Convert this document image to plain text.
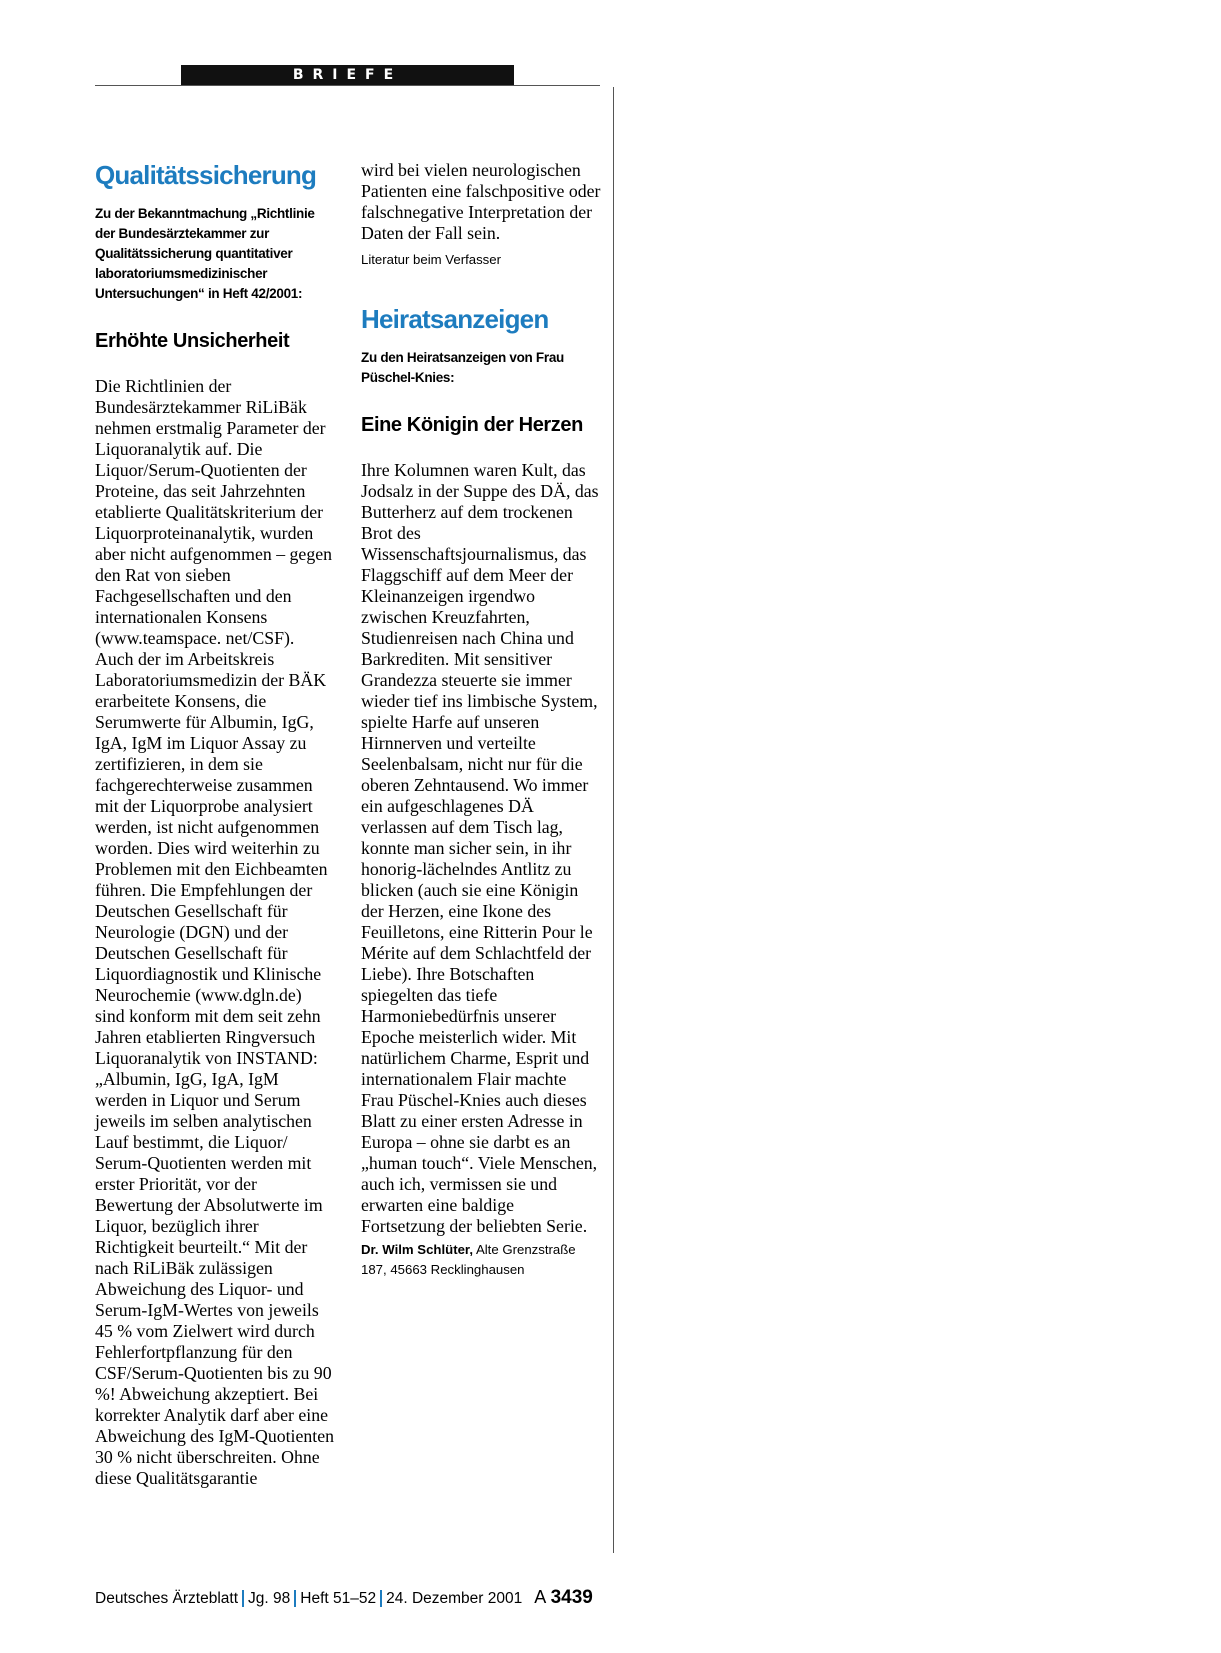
BRIEFE
Qualitätssicherung

Zu der Bekanntmachung „Richtlinie der Bundesärztekammer zur Qualitätssicherung quantitativer laboratoriumsmedizinischer Untersuchungen“ in Heft 42/2001:

Erhöhte Unsicherheit

Die Richtlinien der Bundesärztekammer RiLiBäk nehmen erstmalig Parameter der Liquoranalytik auf. Die Liquor/Serum-Quotienten der Proteine, das seit Jahrzehnten etablierte Qualitätskriterium der Liquorproteinanalytik, wurden aber nicht aufgenommen – gegen den Rat von sieben Fachgesellschaften und den internationalen Konsens (www.teamspace. net/CSF). Auch der im Arbeitskreis Laboratoriumsmedizin der BÄK erarbeitete Konsens, die Serumwerte für Albumin, IgG, IgA, IgM im Liquor Assay zu zertifizieren, in dem sie fachgerechterweise zusammen mit der Liquorprobe analysiert werden, ist nicht aufgenommen worden. Dies wird weiterhin zu Problemen mit den Eichbeamten führen. Die Empfehlungen der Deutschen Gesellschaft für Neurologie (DGN) und der Deutschen Gesellschaft für Liquordiagnostik und Klinische Neurochemie (www.dgln.de) sind konform mit dem seit zehn Jahren etablierten Ringversuch Liquoranalytik von INSTAND: „Albumin, IgG, IgA, IgM werden in Liquor und Serum jeweils im selben analytischen Lauf bestimmt, die Liquor/ Serum-Quotienten werden mit erster Priorität, vor der Bewertung der Absolutwerte im Liquor, bezüglich ihrer Richtigkeit beurteilt.“ Mit der nach RiLiBäk zulässigen Abweichung des Liquor- und Serum-IgM-Wertes von jeweils 45 % vom Zielwert wird durch Fehlerfortpflanzung für den CSF/Serum-Quotienten bis zu 90 %! Abweichung akzeptiert. Bei korrekter Analytik darf aber eine Abweichung des IgM-Quotienten 30 % nicht überschreiten. Ohne diese Qualitätsgarantie

wird bei vielen neurologischen Patienten eine falschpositive oder falschnegative Interpretation der Daten der Fall sein.

Literatur beim Verfasser

Heiratsanzeigen

Zu den Heiratsanzeigen von Frau Püschel-Knies:

Eine Königin der Herzen

Ihre Kolumnen waren Kult, das Jodsalz in der Suppe des DÄ, das Butterherz auf dem trockenen Brot des Wissenschaftsjournalismus, das Flaggschiff auf dem Meer der Kleinanzeigen irgendwo zwischen Kreuzfahrten, Studienreisen nach China und Barkrediten. Mit sensitiver Grandezza steuerte sie immer wieder tief ins limbische System, spielte Harfe auf unseren Hirnnerven und verteilte Seelenbalsam, nicht nur für die oberen Zehntausend. Wo immer ein aufgeschlagenes DÄ verlassen auf dem Tisch lag, konnte man sicher sein, in ihr honorig-lächelndes Antlitz zu blicken (auch sie eine Königin der Herzen, eine Ikone des Feuilletons, eine Ritterin Pour le Mérite auf dem Schlachtfeld der Liebe). Ihre Botschaften spiegelten das tiefe Harmoniebedürfnis unserer Epoche meisterlich wider. Mit natürlichem Charme, Esprit und internationalem Flair machte Frau Püschel-Knies auch dieses Blatt zu einer ersten Adresse in Europa – ohne sie darbt es an „human touch“. Viele Menschen, auch ich, vermissen sie und erwarten eine baldige Fortsetzung der beliebten Serie.

Dr. Wilm Schlüter, Alte Grenzstraße 187, 45663 Recklinghausen

Deutsches Ärzteblatt Jg. 98 Heft 51–52 24. Dezember 2001 A 3439
